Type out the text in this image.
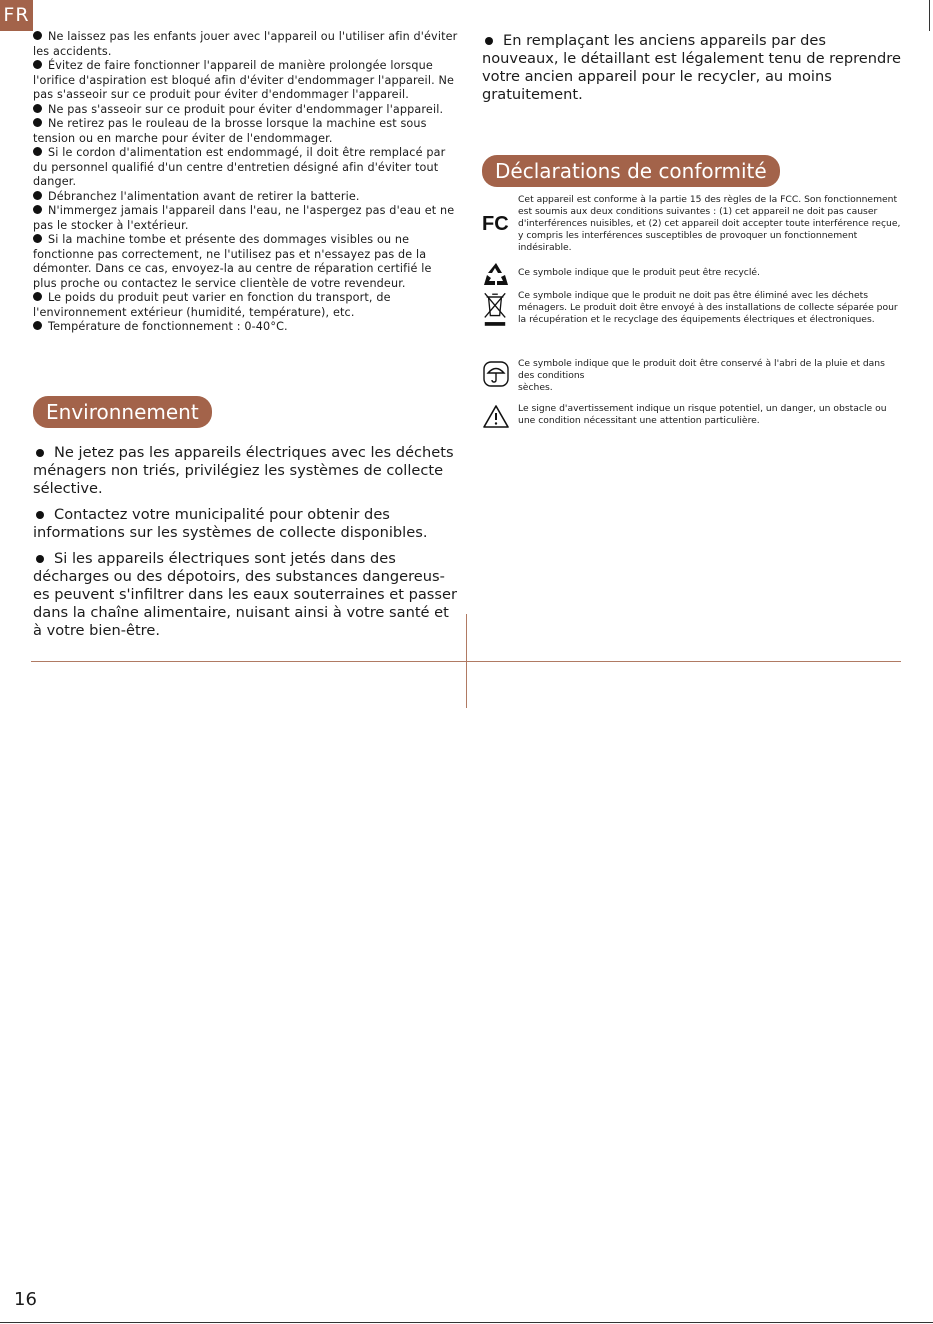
FR

Ne laissez pas les enfants jouer avec l'appareil ou l'utiliser afin d'éviter les accidents.

Évitez de faire fonctionner l'appareil de manière prolongée lorsque l'orifice d'aspiration est bloqué afin d'éviter d'endommager l'appareil. Ne pas s'asseoir sur ce produit pour éviter d'endommager l'appareil.

Ne pas s'asseoir sur ce produit pour éviter d'endommager l'appareil.

Ne retirez pas le rouleau de la brosse lorsque la machine est sous tension ou en marche pour éviter de l'endommager.

Si le cordon d'alimentation est endommagé, il doit être remplacé par du personnel qualifié d'un centre d'entretien désigné afin d'éviter tout danger.

Débranchez l'alimentation avant de retirer la batterie.

N'immergez jamais l'appareil dans l'eau, ne l'aspergez pas d'eau et ne pas le stocker à l'extérieur.

Si la machine tombe et présente des dommages visibles ou ne fonctionne pas correctement, ne l'utilisez pas et n'essayez pas de la démonter. Dans ce cas, envoyez-la au centre de réparation certifié le plus proche ou contactez le service clientèle de votre revendeur.

Le poids du produit peut varier en fonction du transport, de l'environnement extérieur (humidité, température), etc.

Température de fonctionnement : 0-40°C.

Environnement

Ne jetez pas les appareils électriques avec les déchets ménagers non triés, privilégiez les systèmes de collecte sélective.

Contactez votre municipalité pour obtenir des informations sur les systèmes de collecte disponibles.

Si les appareils électriques sont jetés dans des décharges ou des dépotoirs, des substances dangereus-es peuvent s'infiltrer dans les eaux souterraines et passer dans la chaîne alimentaire, nuisant ainsi à votre santé et à votre bien-être.

En remplaçant les anciens appareils par des nouveaux, le détaillant est légalement tenu de reprendre votre ancien appareil pour le recycler, au moins gratuitement.

Déclarations de conformité
FC

Cet appareil est conforme à la partie 15 des règles de la FCC. Son fonctionnement est soumis aux deux conditions suivantes : (1) cet appareil ne doit pas causer d'interférences nuisibles, et (2) cet appareil doit accepter toute interférence reçue, y compris les interférences susceptibles de provoquer un fonctionnement indésirable.

Ce symbole indique que le produit peut être recyclé.

Ce symbole indique que le produit ne doit pas être éliminé avec les déchets ménagers. Le produit doit être envoyé à des installations de collecte séparée pour la récupération et le recyclage des équipements électriques et électroniques.

Ce symbole indique que le produit doit être conservé à l'abri de la pluie et dans des conditions
sèches.

Le signe d'avertissement indique un risque potentiel, un danger, un obstacle ou une condition nécessitant une attention particulière.

16
